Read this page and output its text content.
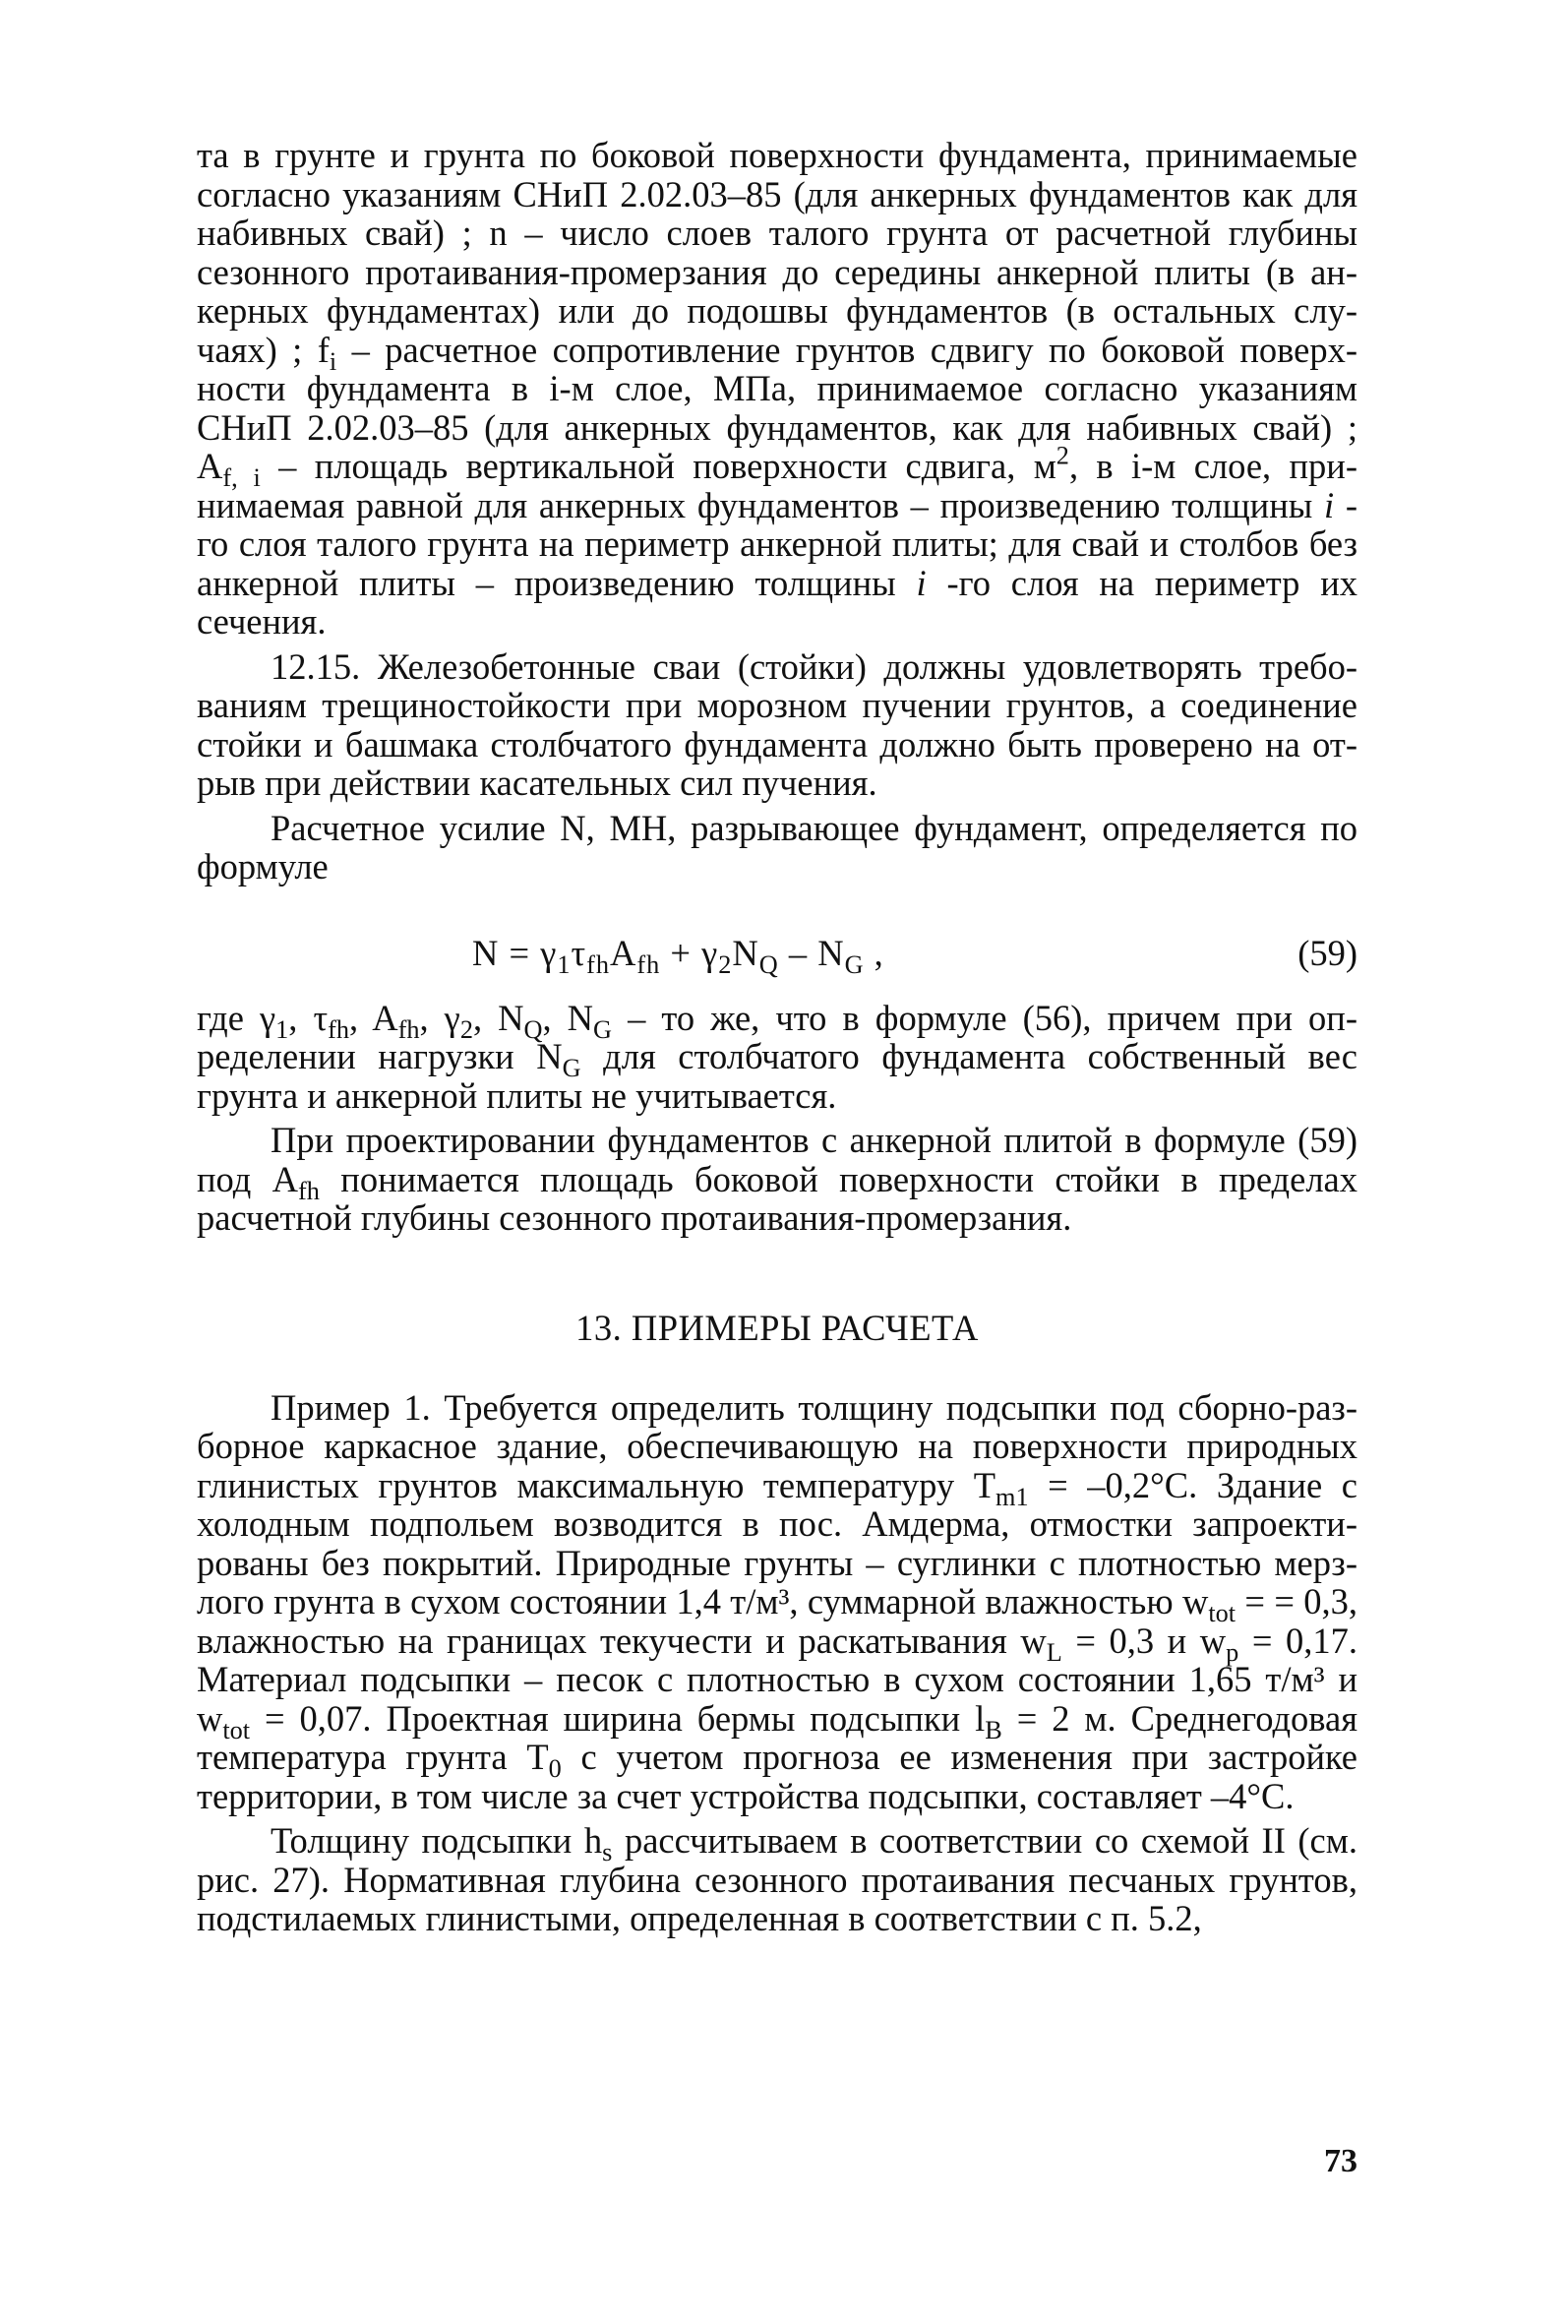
та в грунте и грунта по боковой поверхности фундамента, принимаемые согласно указаниям СНиП 2.02.03–85 (для анкерных фундаментов как для набивных свай) ; n – число слоев талого грунта от расчетной глубины сезонного протаивания-промерзания до середины анкерной плиты (в анкерных фундаментах) или до подошвы фундаментов (в остальных случаях) ; $f_i$ – расчетное сопротивление грунтов сдвигу по боковой поверхности фундамента в i-м слое, МПа, принимаемое согласно указаниям СНиП 2.02.03–85 (для анкерных фундаментов, как для набивных свай) ; $A_{f, i}$ – площадь вертикальной поверхности сдвига, $м^2$, в i-м слое, принимаемая равной для анкерных фундаментов – произведению толщины i -го слоя талого грунта на периметр анкерной плиты; для свай и столбов без анкерной плиты – произведению толщины i -го слоя на периметр их сечения.

12.15. Железобетонные сваи (стойки) должны удовлетворять требованиям трещиностойкости при морозном пучении грунтов, а соединение стойки и башмака столбчатого фундамента должно быть проверено на отрыв при действии касательных сил пучения.

Расчетное усилие N, МН, разрывающее фундамент, определяется по формуле

$N = \gamma_1\tau_{fh}A_{fh} + \gamma_2N_Q - N_G$ ,	(59)

где $\gamma_1$, $\tau_{fh}$, $A_{fh}$, $\gamma_2$, $N_Q$, $N_G$ – то же, что в формуле (56), причем при определении нагрузки $N_G$ для столбчатого фундамента собственный вес грунта и анкерной плиты не учитывается.

При проектировании фундаментов с анкерной плитой в формуле (59) под $A_{fh}$ понимается площадь боковой поверхности стойки в пределах расчетной глубины сезонного протаивания-промерзания.

13. ПРИМЕРЫ РАСЧЕТА

Пример 1. Требуется определить толщину подсыпки под сборно-разборное каркасное здание, обеспечивающую на поверхности природных глинистых грунтов максимальную температуру $T_{m1} = -0,2^\circ С$. Здание с холодным подпольем возводится в пос. Амдерма, отмостки запроектированы без покрытий. Природные грунты – суглинки с плотностью мерзлого грунта в сухом состоянии 1,4 т/м³, суммарной влажностью $w_{tot}$ = = 0,3, влажностью на границах текучести и раскатывания $w_L = 0,3$ и $w_p = 0,17$. Материал подсыпки – песок с плотностью в сухом состоянии 1,65 т/м³ и $w_{tot} = 0,07$. Проектная ширина бермы подсыпки $l_B = 2$ м. Среднегодовая температура грунта $T_0$ с учетом прогноза ее изменения при застройке территории, в том числе за счет устройства подсыпки, составляет –4°С.

Толщину подсыпки $h_s$ рассчитываем в соответствии со схемой II (см. рис. 27). Нормативная глубина сезонного протаивания песчаных грунтов, подстилаемых глинистыми, определенная в соответствии с п. 5.2,

73
